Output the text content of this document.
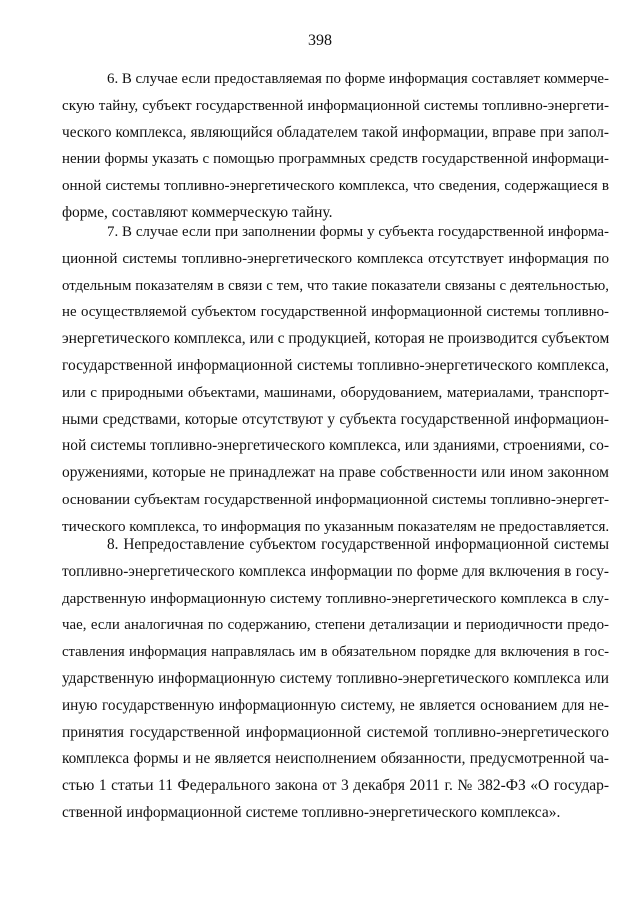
398
6. В случае если предоставляемая по форме информация составляет коммерче-
скую тайну, субъект государственной информационной системы топливно-энергети-
ческого комплекса, являющийся обладателем такой информации, вправе при запол-
нении формы указать с помощью программных средств государственной информаци-
онной системы топливно-энергетического комплекса, что сведения, содержащиеся в
форме, составляют коммерческую тайну.
7. В случае если при заполнении формы у субъекта государственной информа-
ционной системы топливно-энергетического комплекса отсутствует информация по
отдельным показателям в связи с тем, что такие показатели связаны с деятельностью,
не осуществляемой субъектом государственной информационной системы топливно-
энергетического комплекса, или с продукцией, которая не производится субъектом
государственной информационной системы топливно-энергетического комплекса,
или с природными объектами, машинами, оборудованием, материалами, транспорт-
ными средствами, которые отсутствуют у субъекта государственной информацион-
ной системы топливно-энергетического комплекса, или зданиями, строениями, со-
оружениями, которые не принадлежат на праве собственности или ином законном
основании субъектам государственной информационной системы топливно-энергет-
тического комплекса, то информация по указанным показателям не предоставляется.
8. Непредоставление субъектом государственной информационной системы
топливно-энергетического комплекса информации по форме для включения в госу-
дарственную информационную систему топливно-энергетического комплекса в слу-
чае, если аналогичная по содержанию, степени детализации и периодичности предо-
ставления информация направлялась им в обязательном порядке для включения в гос-
ударственную информационную систему топливно-энергетического комплекса или
иную государственную информационную систему, не является основанием для не-
принятия государственной информационной системой топливно-энергетического
комплекса формы и не является неисполнением обязанности, предусмотренной ча-
стью 1 статьи 11 Федерального закона от 3 декабря 2011 г. № 382-ФЗ «О государ-
ственной информационной системе топливно-энергетического комплекса».
